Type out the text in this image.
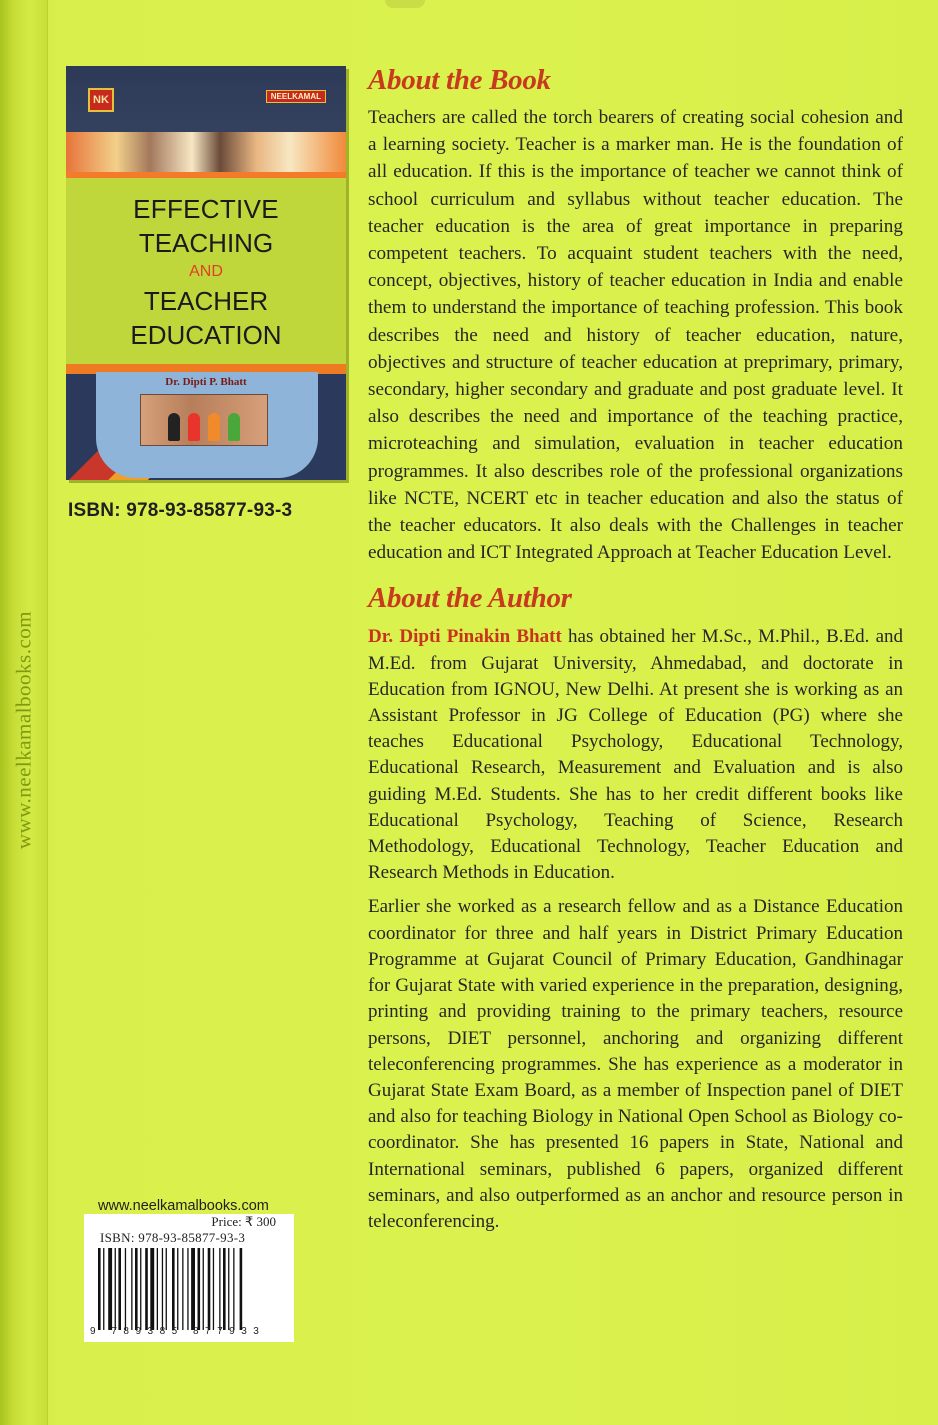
www.neelkamalbooks.com
NK	NEELKAMAL
EFFECTIVE
TEACHING
AND
TEACHER
EDUCATION
Dr. Dipti P. Bhatt
ISBN: 978-93-85877-93-3
www.neelkamalbooks.com
Price: ₹ 300
ISBN: 978-93-85877-93-3
9 789385 877933
About the Book

Teachers are called the torch bearers of creating social cohesion and a learning society. Teacher is a marker man. He is the foundation of all education. If this is the importance of teacher we cannot think of school curriculum and syllabus without teacher education. The teacher education is the area of great importance in preparing competent teachers. To acquaint student teachers with the need, concept, objectives, history of teacher education in India and enable them to understand the importance of teaching profession. This book describes the need and history of teacher education, nature, objectives and structure of teacher education at preprimary, primary, secondary, higher secondary and graduate and post graduate level. It also describes the need and importance of the teaching practice, microteaching and simulation, evaluation in teacher education programmes. It also describes role of the professional organizations like NCTE, NCERT etc in teacher education and also the status of the teacher educators. It also deals with the Challenges in teacher education and ICT Integrated Approach at Teacher Education Level.

About the Author

Dr. Dipti Pinakin Bhatt has obtained her M.Sc., M.Phil., B.Ed. and M.Ed. from Gujarat University, Ahmedabad, and doctorate in Education from IGNOU, New Delhi. At present she is working as an Assistant Professor in JG College of Education (PG) where she teaches Educational Psychology, Educational Technology, Educational Research, Measurement and Evaluation and is also guiding M.Ed. Students. She has to her credit different books like Educational Psychology, Teaching of Science, Research Methodology, Educational Technology, Teacher Education and Research Methods in Education.

Earlier she worked as a research fellow and as a Distance Education coordinator for three and half years in District Primary Education Programme at Gujarat Council of Primary Education, Gandhinagar for Gujarat State with varied experience in the preparation, designing, printing and providing training to the primary teachers, resource persons, DIET personnel, anchoring and organizing different teleconferencing programmes. She has experience as a moderator in Gujarat State Exam Board, as a member of Inspection panel of DIET and also for teaching Biology in National Open School as Biology co-coordinator. She has presented 16 papers in State, National and International seminars, published 6 papers, organized different seminars, and also outperformed as an anchor and resource person in teleconferencing.
